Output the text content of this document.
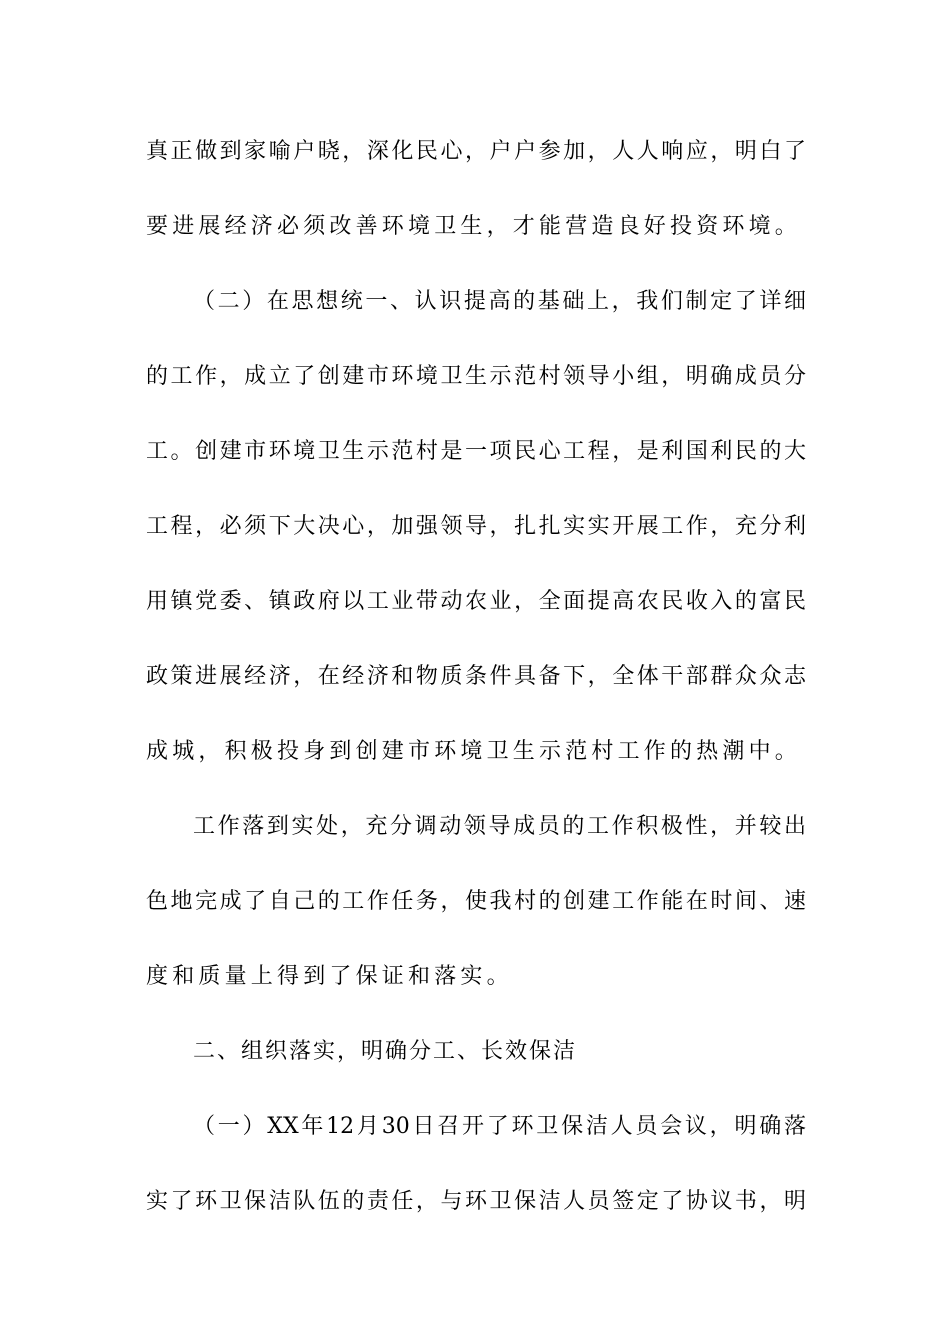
真正做到家喻户晓，深化民心，户户参加，人人响应，明白了
要进展经济必须改善环境卫生，才能营造良好投资环境。
（二）在思想统一、认识提高的基础上，我们制定了详细
的工作，成立了创建市环境卫生示范村领导小组，明确成员分
工。创建市环境卫生示范村是一项民心工程，是利国利民的大
工程，必须下大决心，加强领导，扎扎实实开展工作，充分利
用镇党委、镇政府以工业带动农业，全面提高农民收入的富民
政策进展经济，在经济和物质条件具备下，全体干部群众众志
成城，积极投身到创建市环境卫生示范村工作的热潮中。
工作落到实处，充分调动领导成员的工作积极性，并较出
色地完成了自己的工作任务，使我村的创建工作能在时间、速
度和质量上得到了保证和落实。
二、组织落实，明确分工、长效保洁
（一）XX年12月30日召开了环卫保洁人员会议，明确落
实了环卫保洁队伍的责任，与环卫保洁人员签定了协议书，明
